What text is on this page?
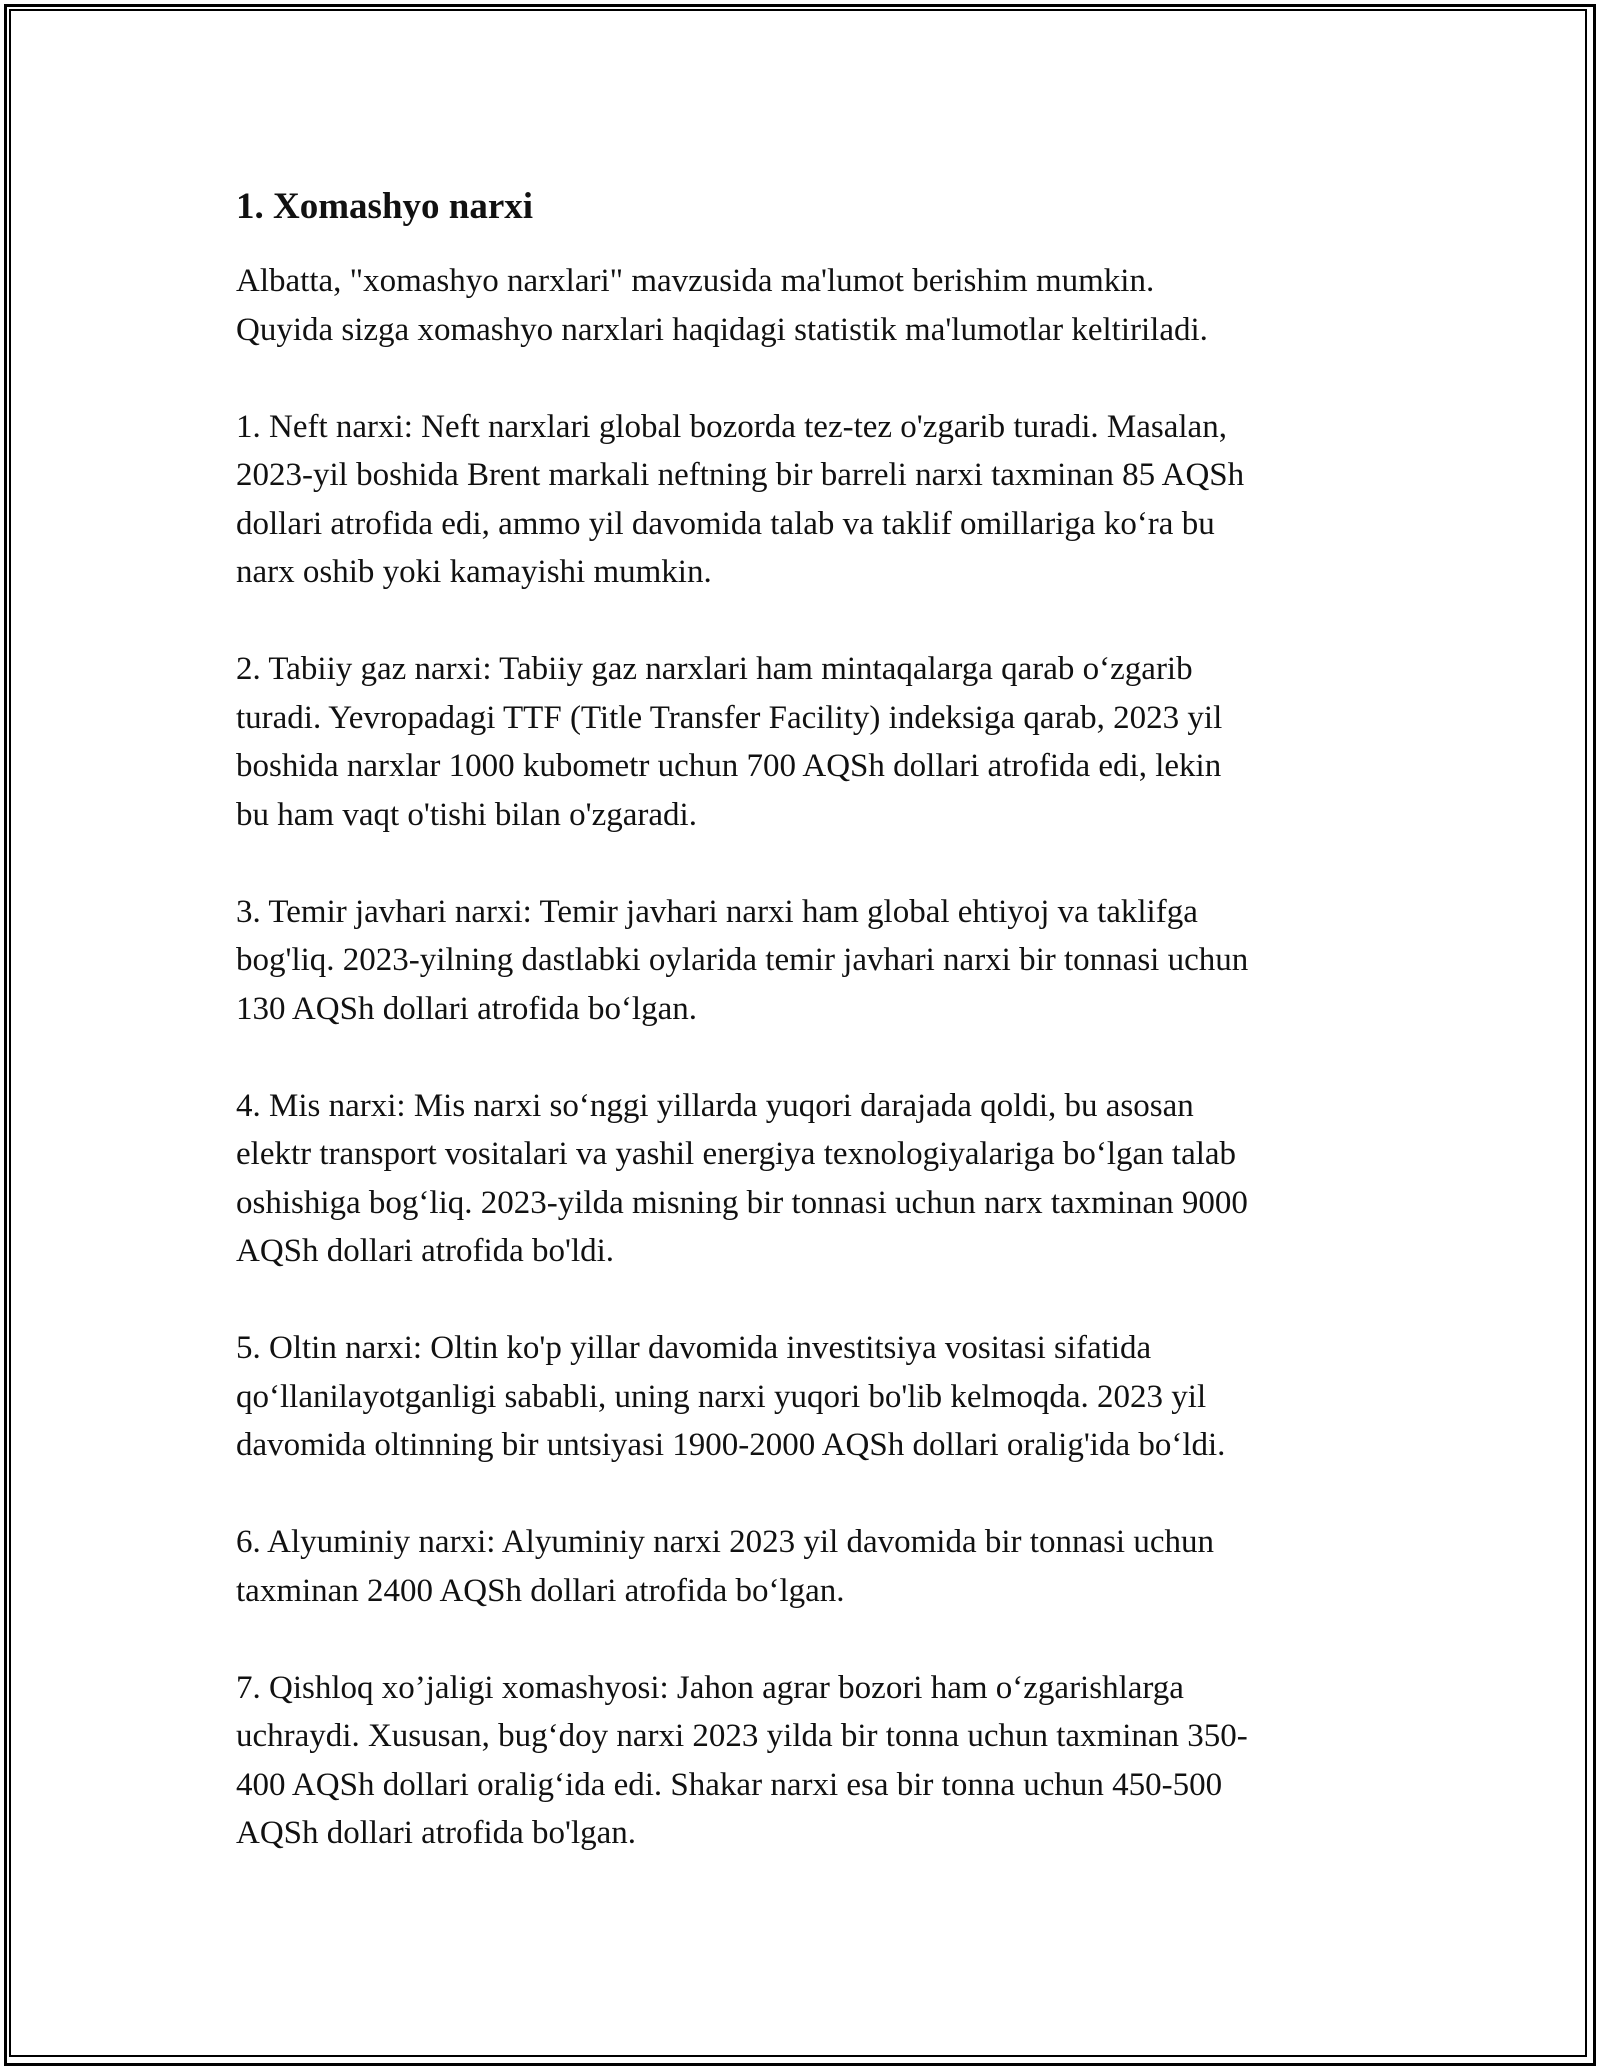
1. Xomashyo narxi

Albatta, "xomashyo narxlari" mavzusida ma'lumot berishim mumkin.
Quyida sizga xomashyo narxlari haqidagi statistik ma'lumotlar keltiriladi.

1. Neft narxi: Neft narxlari global bozorda tez-tez o'zgarib turadi. Masalan,
2023-yil boshida Brent markali neftning bir barreli narxi taxminan 85 AQSh
dollari atrofida edi, ammo yil davomida talab va taklif omillariga ko‘ra bu
narx oshib yoki kamayishi mumkin.

2. Tabiiy gaz narxi: Tabiiy gaz narxlari ham mintaqalarga qarab o‘zgarib
turadi. Yevropadagi TTF (Title Transfer Facility) indeksiga qarab, 2023 yil
boshida narxlar 1000 kubometr uchun 700 AQSh dollari atrofida edi, lekin
bu ham vaqt o'tishi bilan o'zgaradi.

3. Temir javhari narxi: Temir javhari narxi ham global ehtiyoj va taklifga
bog'liq. 2023-yilning dastlabki oylarida temir javhari narxi bir tonnasi uchun
130 AQSh dollari atrofida bo‘lgan.

4. Mis narxi: Mis narxi so‘nggi yillarda yuqori darajada qoldi, bu asosan
elektr transport vositalari va yashil energiya texnologiyalariga bo‘lgan talab
oshishiga bog‘liq. 2023-yilda misning bir tonnasi uchun narx taxminan 9000
AQSh dollari atrofida bo'ldi.

5. Oltin narxi: Oltin ko'p yillar davomida investitsiya vositasi sifatida
qo‘llanilayotganligi sababli, uning narxi yuqori bo'lib kelmoqda. 2023 yil
davomida oltinning bir untsiyasi 1900-2000 AQSh dollari oralig'ida bo‘ldi.

6. Alyuminiy narxi: Alyuminiy narxi 2023 yil davomida bir tonnasi uchun
taxminan 2400 AQSh dollari atrofida bo‘lgan.

7. Qishloq xo’jaligi xomashyosi: Jahon agrar bozori ham o‘zgarishlarga
uchraydi. Xususan, bug‘doy narxi 2023 yilda bir tonna uchun taxminan 350-
400 AQSh dollari oralig‘ida edi. Shakar narxi esa bir tonna uchun 450-500
AQSh dollari atrofida bo'lgan.
